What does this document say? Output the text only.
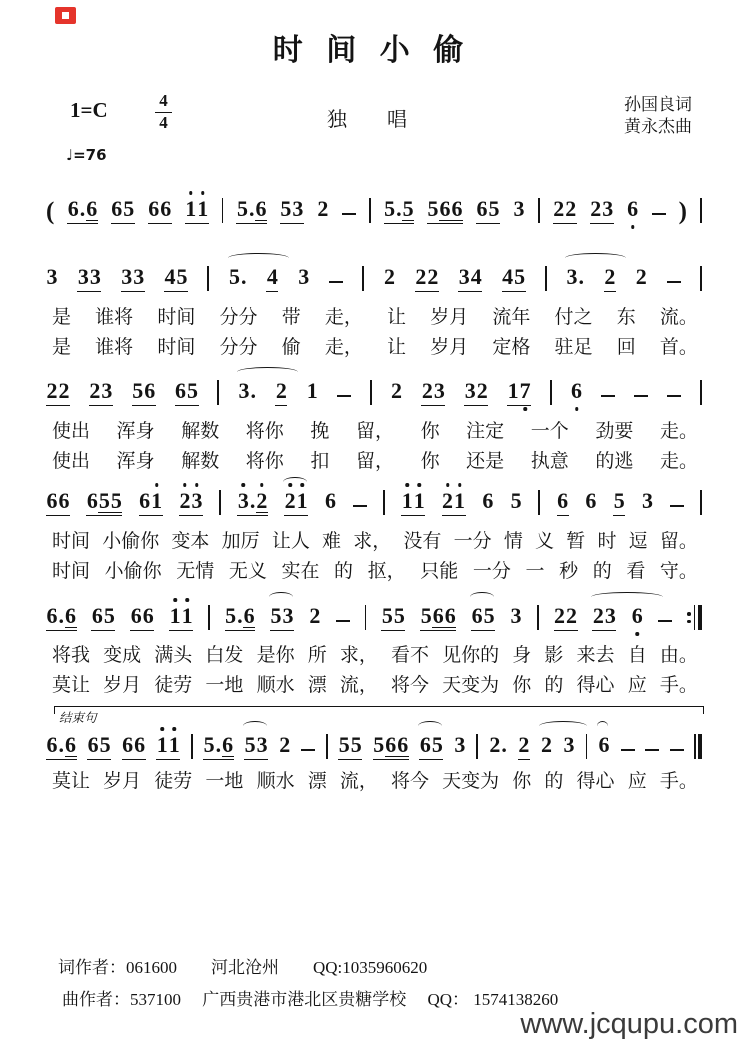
时 间 小 偷
1=C	4
4	独　唱
孙国良词
黄永杰曲
♩=76
( 6 . 6 6 5 6 6 1 1 5 . 6 5 3 2	5 . 5 5 6 6 6 5 3 2 2 2 3 6 )
3 3 3 3 3 4 5 5 . 4 3	2 2 2 3 4 4 5 3 . 2 2
是 谁将 时间 分分 带 走， 让 岁月 流年 付之 东 流。
是 谁将 时间 分分 偷 走， 让 岁月 定格 驻足 回 首。
2 2 2 3 5 6 6 5 3 . 2 1	2 2 3 3 2 1 7 6
使出 浑身 解数 将你 挽 留， 你 注定 一个 劲要 走。
使出 浑身 解数 将你 扣 留， 你 还是 执意 的逃 走。
6 6 6 5 5 6 1 2 3 3 . 2 2 1 6	1 1 2 1 6 5 6 6 5 3
时间 小偷你 变本 加厉 让人 难 求， 没有 一分 情 义 暂 时 逗 留。
时间 小偷你 无情 无义 实在 的 抠， 只能 一分 一 秒 的 看 守。
6 . 6 6 5 6 6 1 1 5 . 6 5 3 2	5 5 5 6 6 6 5 3 2 2 2 3 6
将我 变成 满头 白发 是你 所 求， 看不 见你的 身 影 来去 自 由。
莫让 岁月 徒劳 一地 顺水 漂 流， 将今 天变为 你 的 得心 应 手。
6 . 6 6 5 6 6 1 1 5 . 6 5 3 2 5 5 5 6 6 6 5 3 2 . 2 2 3 6
莫让 岁月 徒劳 一地 顺水 漂 流， 将今 天变为 你 的 得心 应 手。
结束句
词作者：061600　　河北沧州　　QQ:1035960620
曲作者：537100　 广西贵港市港北区贵糖学校　 QQ： 1574138260
www.jcqupu.com
